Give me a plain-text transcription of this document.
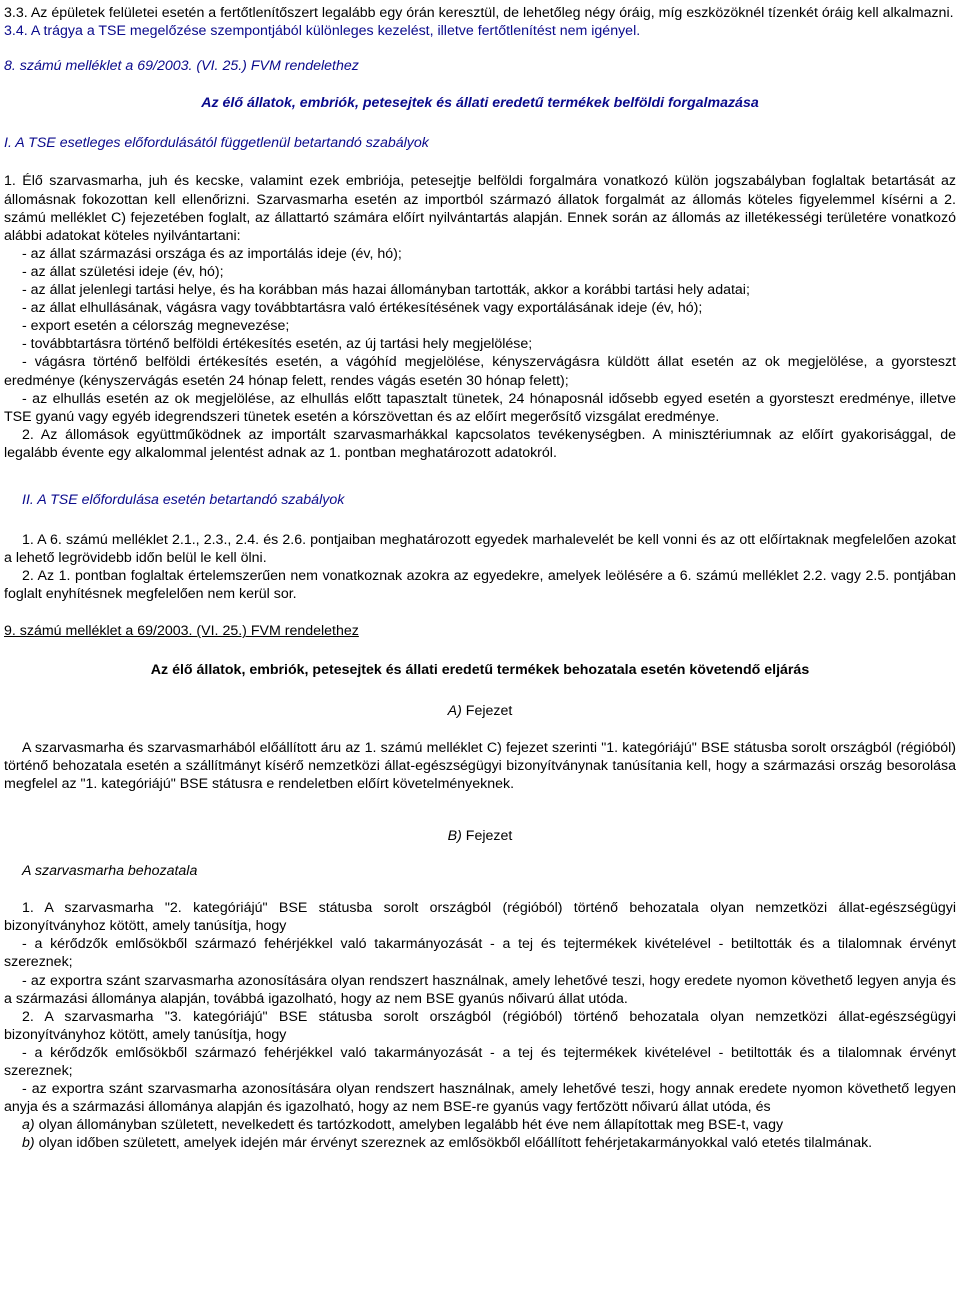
3.3. Az épületek felületei esetén a fertőtlenítőszert legalább egy órán keresztül, de lehetőleg négy óráig, míg eszközöknél tízenkét óráig kell alkalmazni.

3.4. A trágya a TSE megelőzése szempontjából különleges kezelést, illetve fertőtlenítést nem igényel.

8. számú melléklet a 69/2003. (VI. 25.) FVM rendelethez

Az élő állatok, embriók, petesejtek és állati eredetű termékek belföldi forgalmazása

I. A TSE esetleges előfordulásától függetlenül betartandó szabályok

1. Élő szarvasmarha, juh és kecske, valamint ezek embriója, petesejtje belföldi forgalmára vonatkozó külön jogszabályban foglaltak betartását az állomásnak fokozottan kell ellenőrizni. Szarvasmarha esetén az importból származó állatok forgalmát az állomás köteles figyelemmel kísérni a 2. számú melléklet C) fejezetében foglalt, az állattartó számára előírt nyilvántartás alapján. Ennek során az állomás az illetékességi területére vonatkozó alábbi adatokat köteles nyilvántartani:

- az állat származási országa és az importálás ideje (év, hó);

- az állat születési ideje (év, hó);

- az állat jelenlegi tartási helye, és ha korábban más hazai állományban tartották, akkor a korábbi tartási hely adatai;

- az állat elhullásának, vágásra vagy továbbtartásra való értékesítésének vagy exportálásának ideje (év, hó);

- export esetén a célország megnevezése;

- továbbtartásra történő belföldi értékesítés esetén, az új tartási hely megjelölése;

- vágásra történő belföldi értékesítés esetén, a vágóhíd megjelölése, kényszervágásra küldött állat esetén az ok megjelölése, a gyorsteszt eredménye (kényszervágás esetén 24 hónap felett, rendes vágás esetén 30 hónap felett);

- az elhullás esetén az ok megjelölése, az elhullás előtt tapasztalt tünetek, 24 hónaposnál idősebb egyed esetén a gyorsteszt eredménye, illetve TSE gyanú vagy egyéb idegrendszeri tünetek esetén a kórszövettan és az előírt megerősítő vizsgálat eredménye.

2. Az állomások együttműködnek az importált szarvasmarhákkal kapcsolatos tevékenységben. A minisztériumnak az előírt gyakorisággal, de legalább évente egy alkalommal jelentést adnak az 1. pontban meghatározott adatokról.

II. A TSE előfordulása esetén betartandó szabályok

1. A 6. számú melléklet 2.1., 2.3., 2.4. és 2.6. pontjaiban meghatározott egyedek marhalevelét be kell vonni és az ott előírtaknak megfelelően azokat a lehető legrövidebb időn belül le kell ölni.

2. Az 1. pontban foglaltak értelemszerűen nem vonatkoznak azokra az egyedekre, amelyek leölésére a 6. számú melléklet 2.2. vagy 2.5. pontjában foglalt enyhítésnek megfelelően nem kerül sor.

9. számú melléklet a 69/2003. (VI. 25.) FVM rendelethez

Az élő állatok, embriók, petesejtek és állati eredetű termékek behozatala esetén követendő eljárás

A) Fejezet

A szarvasmarha és szarvasmarhából előállított áru az 1. számú melléklet C) fejezet szerinti "1. kategóriájú" BSE státusba sorolt országból (régióból) történő behozatala esetén a szállítmányt kísérő nemzetközi állat-egészségügyi bizonyítványnak tanúsítania kell, hogy a származási ország besorolása megfelel az "1. kategóriájú" BSE státusra e rendeletben előírt követelményeknek.

B) Fejezet

A szarvasmarha behozatala

1. A szarvasmarha "2. kategóriájú" BSE státusba sorolt országból (régióból) történő behozatala olyan nemzetközi állat-egészségügyi bizonyítványhoz kötött, amely tanúsítja, hogy

- a kérődzők emlősökből származó fehérjékkel való takarmányozását - a tej és tejtermékek kivételével - betiltották és a tilalomnak érvényt szereznek;

- az exportra szánt szarvasmarha azonosítására olyan rendszert használnak, amely lehetővé teszi, hogy eredete nyomon követhető legyen anyja és a származási állománya alapján, továbbá igazolható, hogy az nem BSE gyanús nőivarú állat utóda.

2. A szarvasmarha "3. kategóriájú" BSE státusba sorolt országból (régióból) történő behozatala olyan nemzetközi állat-egészségügyi bizonyítványhoz kötött, amely tanúsítja, hogy

- a kérődzők emlősökből származó fehérjékkel való takarmányozását - a tej és tejtermékek kivételével - betiltották és a tilalomnak érvényt szereznek;

- az exportra szánt szarvasmarha azonosítására olyan rendszert használnak, amely lehetővé teszi, hogy annak eredete nyomon követhető legyen anyja és a származási állománya alapján és igazolható, hogy az nem BSE-re gyanús vagy fertőzött nőivarú állat utóda, és

a) olyan állományban született, nevelkedett és tartózkodott, amelyben legalább hét éve nem állapítottak meg BSE-t, vagy

b) olyan időben született, amelyek idején már érvényt szereznek az emlősökből előállított fehérjetakarmányokkal való etetés tilalmának.
